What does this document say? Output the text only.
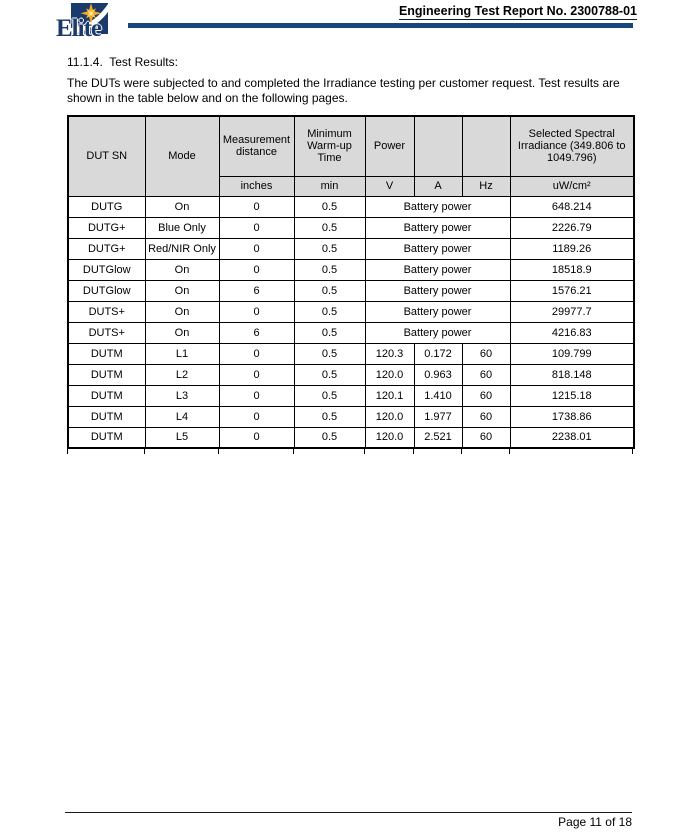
Elite
Engineering Test Report No. 2300788-01
11.1.4.  Test Results:
The DUTs were subjected to and completed the Irradiance testing per customer request. Test results are shown in the table below and on the following pages.
DUT SN	Mode	Measurement distance	Minimum Warm-up Time	Power			Selected Spectral Irradiance (349.806 to 1049.796)
		inches	min	V	A	Hz	uW/cm²
DUTG	On	0	0.5	Battery power			648.214
DUTG+	Blue Only	0	0.5	Battery power			2226.79
DUTG+	Red/NIR Only	0	0.5	Battery power			1189.26
DUTGlow	On	0	0.5	Battery power			18518.9
DUTGlow	On	6	0.5	Battery power			1576.21
DUTS+	On	0	0.5	Battery power			29977.7
DUTS+	On	6	0.5	Battery power			4216.83
DUTM	L1	0	0.5	120.3	0.172	60	109.799
DUTM	L2	0	0.5	120.0	0.963	60	818.148
DUTM	L3	0	0.5	120.1	1.410	60	1215.18
DUTM	L4	0	0.5	120.0	1.977	60	1738.86
DUTM	L5	0	0.5	120.0	2.521	60	2238.01
Page 11 of 18
